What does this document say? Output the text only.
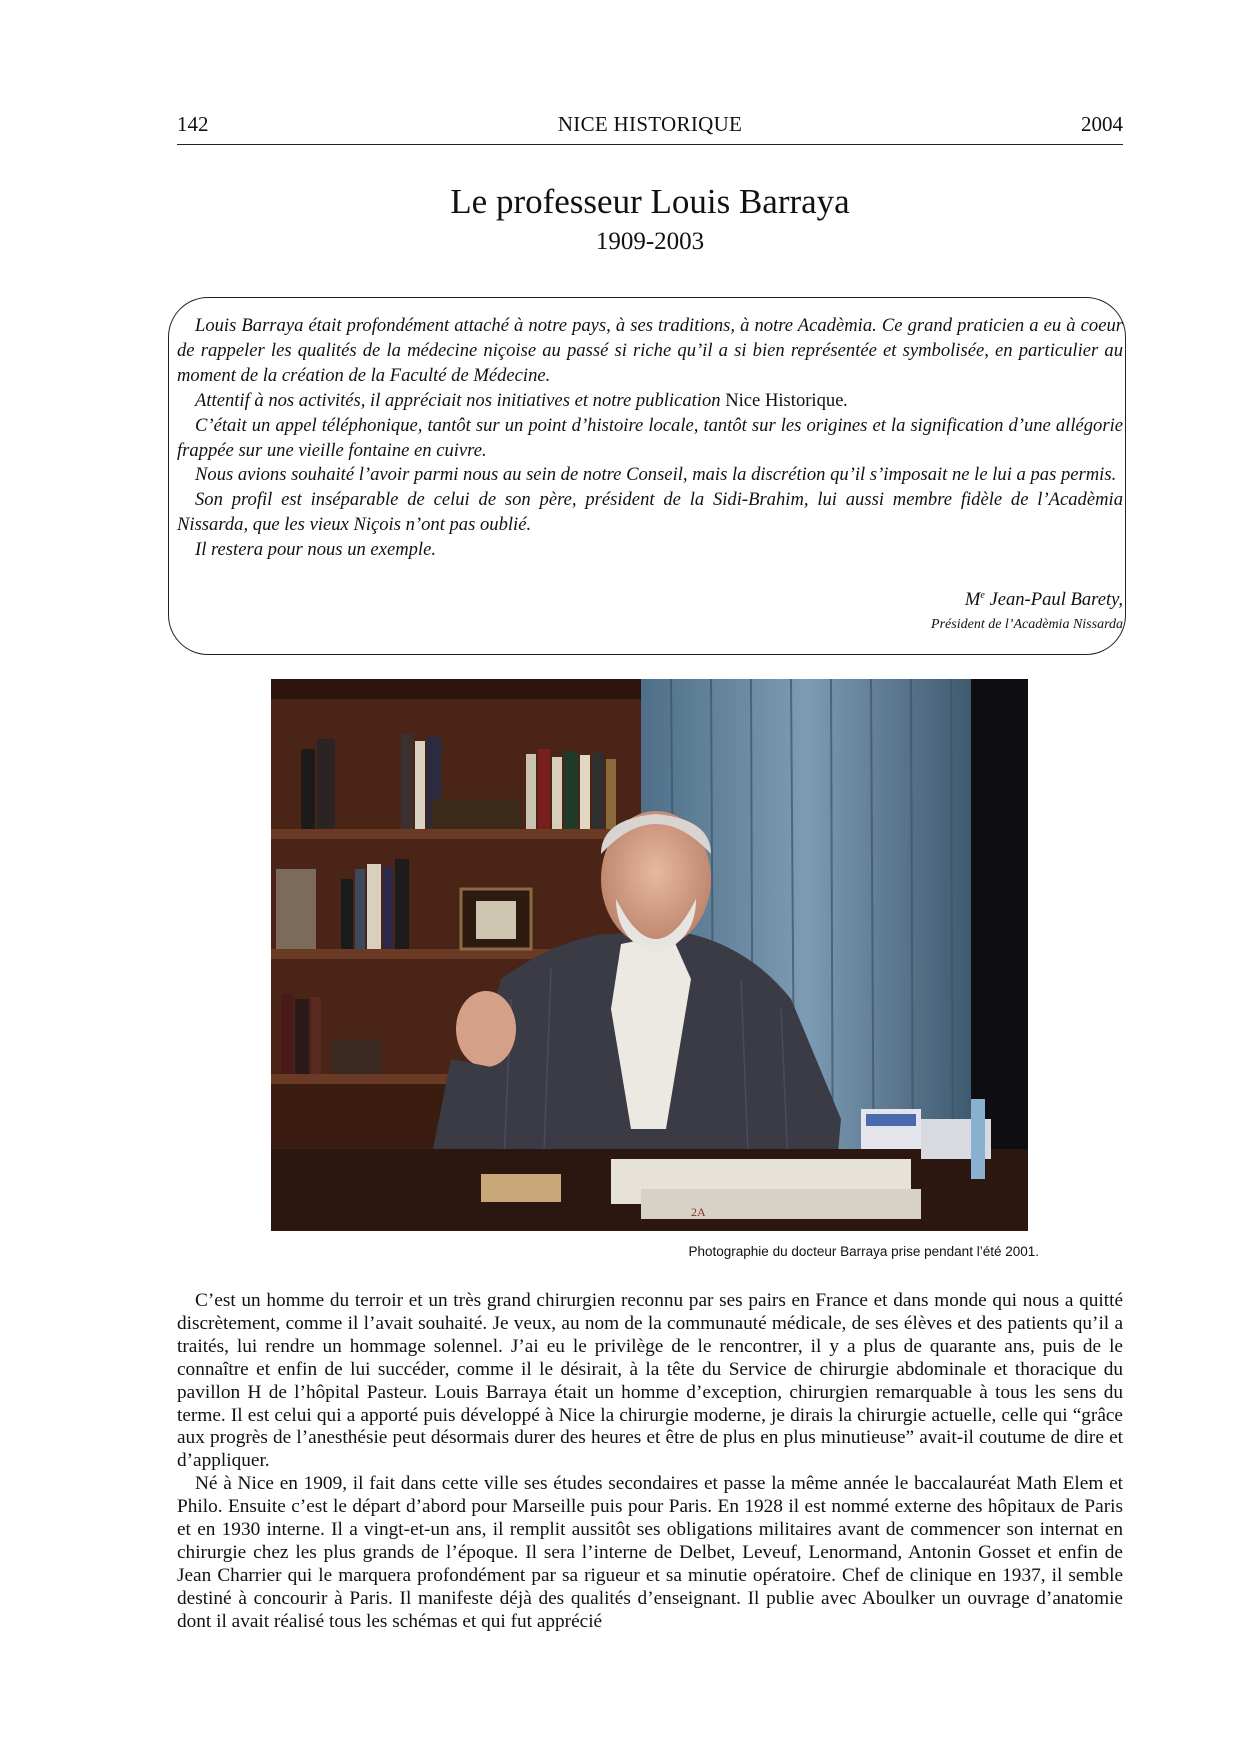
142	NICE HISTORIQUE	2004
Le professeur Louis Barraya
1909-2003

Louis Barraya était profondément attaché à notre pays, à ses traditions, à notre Acadèmia. Ce grand praticien a eu à coeur de rappeler les qualités de la médecine niçoise au passé si riche qu’il a si bien représentée et symbolisée, en particulier au moment de la création de la Faculté de Médecine.

Attentif à nos activités, il appréciait nos initiatives et notre publication Nice Historique.

C’était un appel téléphonique, tantôt sur un point d’histoire locale, tantôt sur les origines et la signification d’une allégorie frappée sur une vieille fontaine en cuivre.

Nous avions souhaité l’avoir parmi nous au sein de notre Conseil, mais la discrétion qu’il s’imposait ne le lui a pas permis.

Son profil est inséparable de celui de son père, président de la Sidi-Brahim, lui aussi membre fidèle de l’Acadèmia Nissarda, que les vieux Niçois n’ont pas oublié.

Il restera pour nous un exemple.

Me Jean-Paul Barety,
Président de l’Acadèmia Nissarda
2A
Photographie du docteur Barraya prise pendant l’été 2001.

C’est un homme du terroir et un très grand chirurgien reconnu par ses pairs en France et dans monde qui nous a quitté discrètement, comme il l’avait souhaité. Je veux, au nom de la communauté médicale, de ses élèves et des patients qu’il a traités, lui rendre un hommage solennel. J’ai eu le privilège de le rencontrer, il y a plus de quarante ans, puis de le connaître et enfin de lui succéder, comme il le désirait, à la tête du Service de chirurgie abdominale et thoracique du pavillon H de l’hôpital Pasteur. Louis Barraya était un homme d’exception, chirurgien remarquable à tous les sens du terme. Il est celui qui a apporté puis développé à Nice la chirurgie moderne, je dirais la chirurgie actuelle, celle qui “grâce aux progrès de l’anesthésie peut désormais durer des heures et être de plus en plus minutieuse” avait-il coutume de dire et d’appliquer.

Né à Nice en 1909, il fait dans cette ville ses études secondaires et passe la même année le baccalauréat Math Elem et Philo. Ensuite c’est le départ d’abord pour Marseille puis pour Paris. En 1928 il est nommé externe des hôpitaux de Paris et en 1930 interne. Il a vingt-et-un ans, il remplit aussitôt ses obligations militaires avant de commencer son internat en chirurgie chez les plus grands de l’époque. Il sera l’interne de Delbet, Leveuf, Lenormand, Antonin Gosset et enfin de Jean Charrier qui le marquera profondément par sa rigueur et sa minutie opératoire. Chef de clinique en 1937, il semble destiné à concourir à Paris. Il manifeste déjà des qualités d’enseignant. Il publie avec Aboulker un ouvrage d’anatomie dont il avait réalisé tous les schémas et qui fut apprécié
